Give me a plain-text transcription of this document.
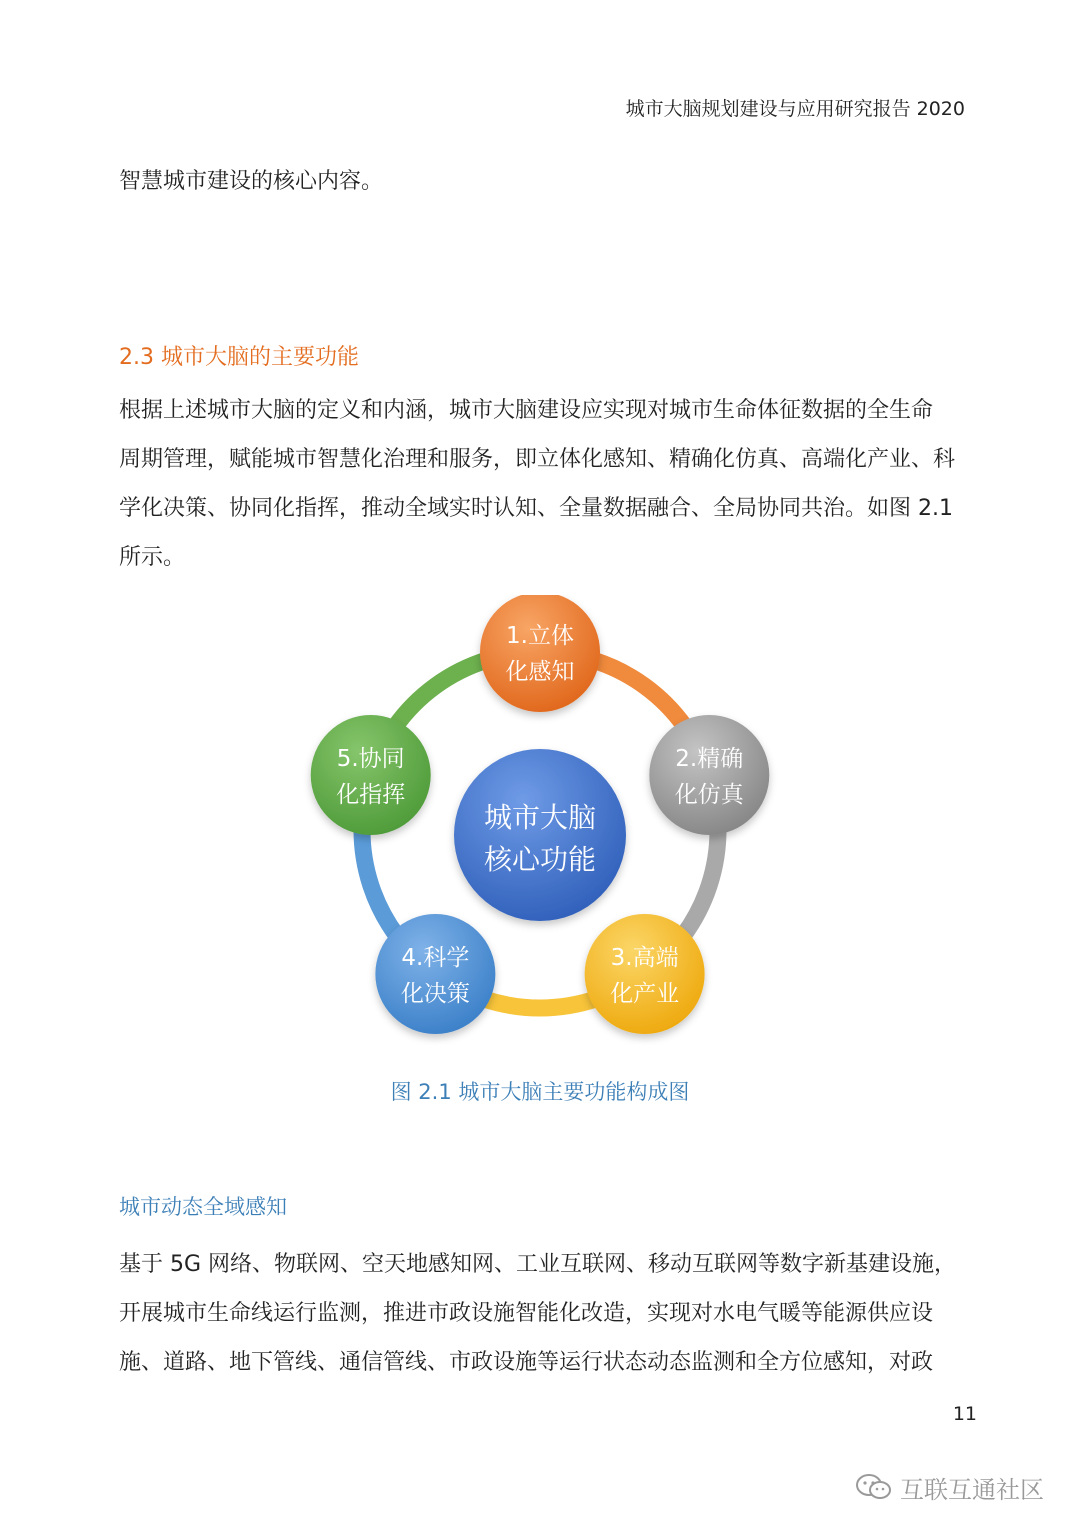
城市大脑规划建设与应用研究报告 2020
智慧城市建设的核心内容。
2.3 城市大脑的主要功能
根据上述城市大脑的定义和内涵，城市大脑建设应实现对城市生命体征数据的全生命
周期管理，赋能城市智慧化治理和服务，即立体化感知、精确化仿真、高端化产业、科
学化决策、协同化指挥，推动全域实时认知、全量数据融合、全局协同共治。如图 2.1
所示。
城市大脑
核心功能
1.立体
化感知
2.精确
化仿真
3.高端
化产业
4.科学
化决策
5.协同
化指挥
图 2.1 城市大脑主要功能构成图
城市动态全域感知
基于 5G 网络、物联网、空天地感知网、工业互联网、移动互联网等数字新基建设施，
开展城市生命线运行监测，推进市政设施智能化改造，实现对水电气暖等能源供应设
施、道路、地下管线、通信管线、市政设施等运行状态动态监测和全方位感知，对政
11
互联互通社区
